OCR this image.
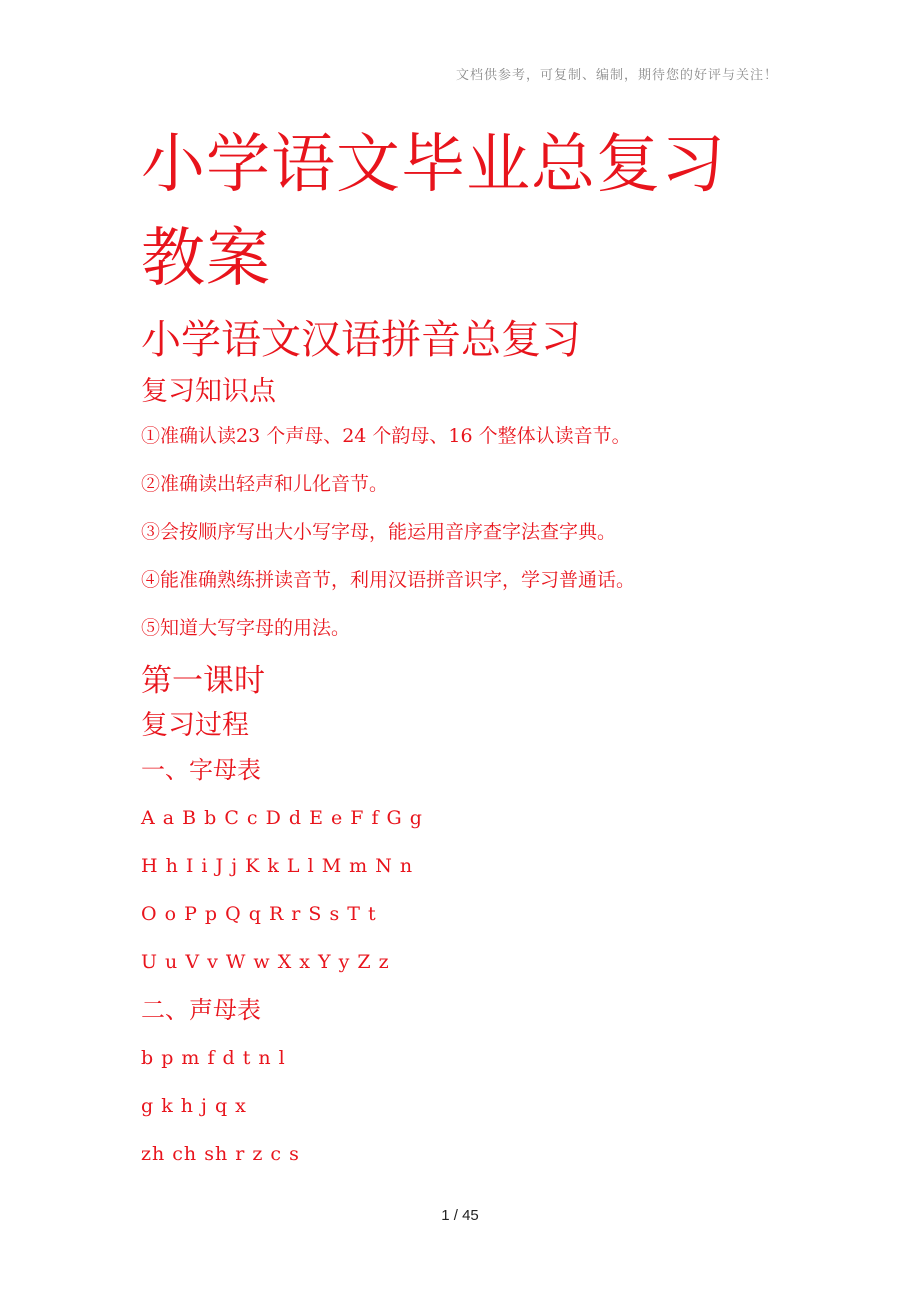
文档供参考，可复制、编制，期待您的好评与关注！
小学语文毕业总复习
教案
小学语文汉语拼音总复习
复习知识点

①准确认读23 个声母、24 个韵母、16 个整体认读音节。

②准确读出轻声和儿化音节。

③会按顺序写出大小写字母，能运用音序查字法查字典。

④能准确熟练拼读音节，利用汉语拼音识字，学习普通话。

⑤知道大写字母的用法。

第一课时
复习过程

一、字母表

A a B b C c D d E e F f G g

H h I i J j K k L l M m N n

O o P p Q q R r S s T t

U u V v W w X x Y y Z z

二、声母表

b p m f d t n l

g k h j q x

zh ch sh r z c s

1 / 45
